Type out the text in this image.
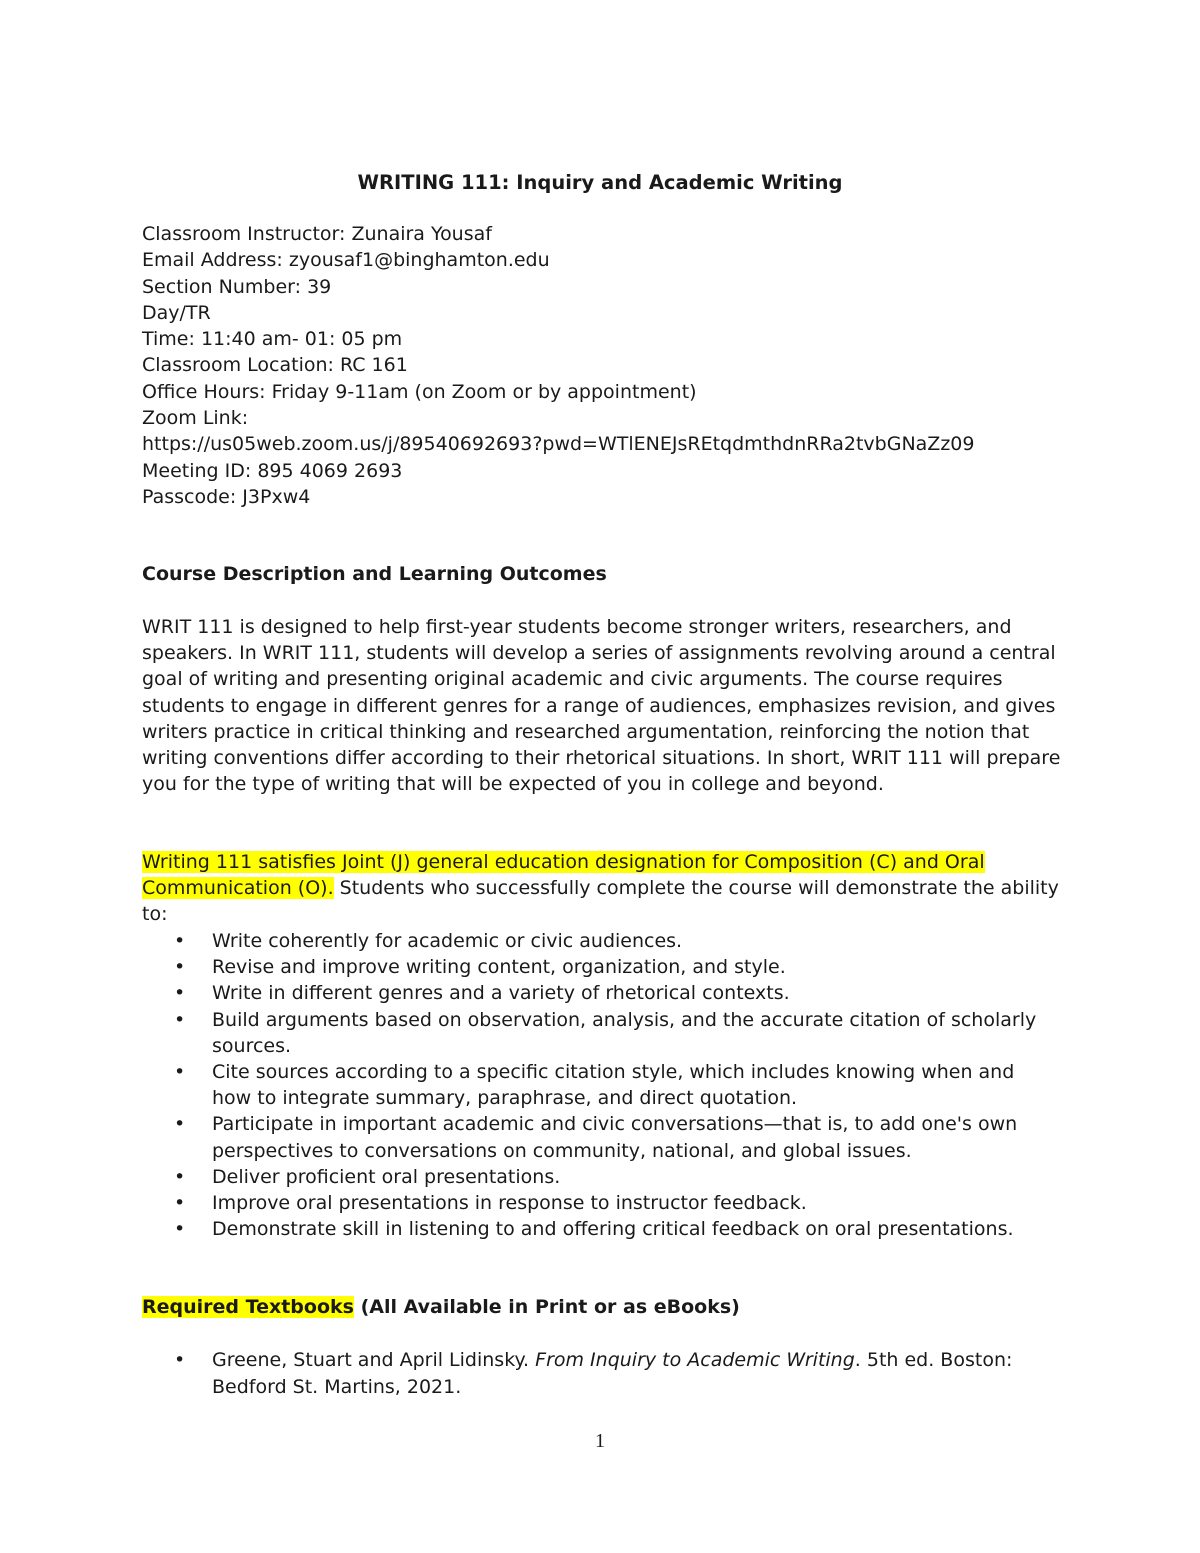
WRITING 111: Inquiry and Academic Writing
Classroom Instructor: Zunaira Yousaf
Email Address: zyousaf1@binghamton.edu
Section Number: 39
Day/TR
Time: 11:40 am- 01: 05 pm
Classroom Location: RC 161
Office Hours: Friday 9-11am (on Zoom or by appointment)
Zoom Link:
https://us05web.zoom.us/j/89540692693?pwd=WTlENEJsREtqdmthdnRRa2tvbGNaZz09
Meeting ID: 895 4069 2693
Passcode: J3Pxw4
Course Description and Learning Outcomes
WRIT 111 is designed to help first-year students become stronger writers, researchers, and speakers. In WRIT 111, students will develop a series of assignments revolving around a central goal of writing and presenting original academic and civic arguments. The course requires students to engage in different genres for a range of audiences, emphasizes revision, and gives writers practice in critical thinking and researched argumentation, reinforcing the notion that writing conventions differ according to their rhetorical situations. In short, WRIT 111 will prepare you for the type of writing that will be expected of you in college and beyond.
Writing 111 satisfies Joint (J) general education designation for Composition (C) and Oral Communication (O). Students who successfully complete the course will demonstrate the ability to:
• Write coherently for academic or civic audiences.
• Revise and improve writing content, organization, and style.
• Write in different genres and a variety of rhetorical contexts.
• Build arguments based on observation, analysis, and the accurate citation of scholarly sources.
• Cite sources according to a specific citation style, which includes knowing when and how to integrate summary, paraphrase, and direct quotation.
• Participate in important academic and civic conversations—that is, to add one's own perspectives to conversations on community, national, and global issues.
• Deliver proficient oral presentations.
• Improve oral presentations in response to instructor feedback.
• Demonstrate skill in listening to and offering critical feedback on oral presentations.
Required Textbooks (All Available in Print or as eBooks)
• Greene, Stuart and April Lidinsky. From Inquiry to Academic Writing. 5th ed. Boston: Bedford St. Martins, 2021.
1
